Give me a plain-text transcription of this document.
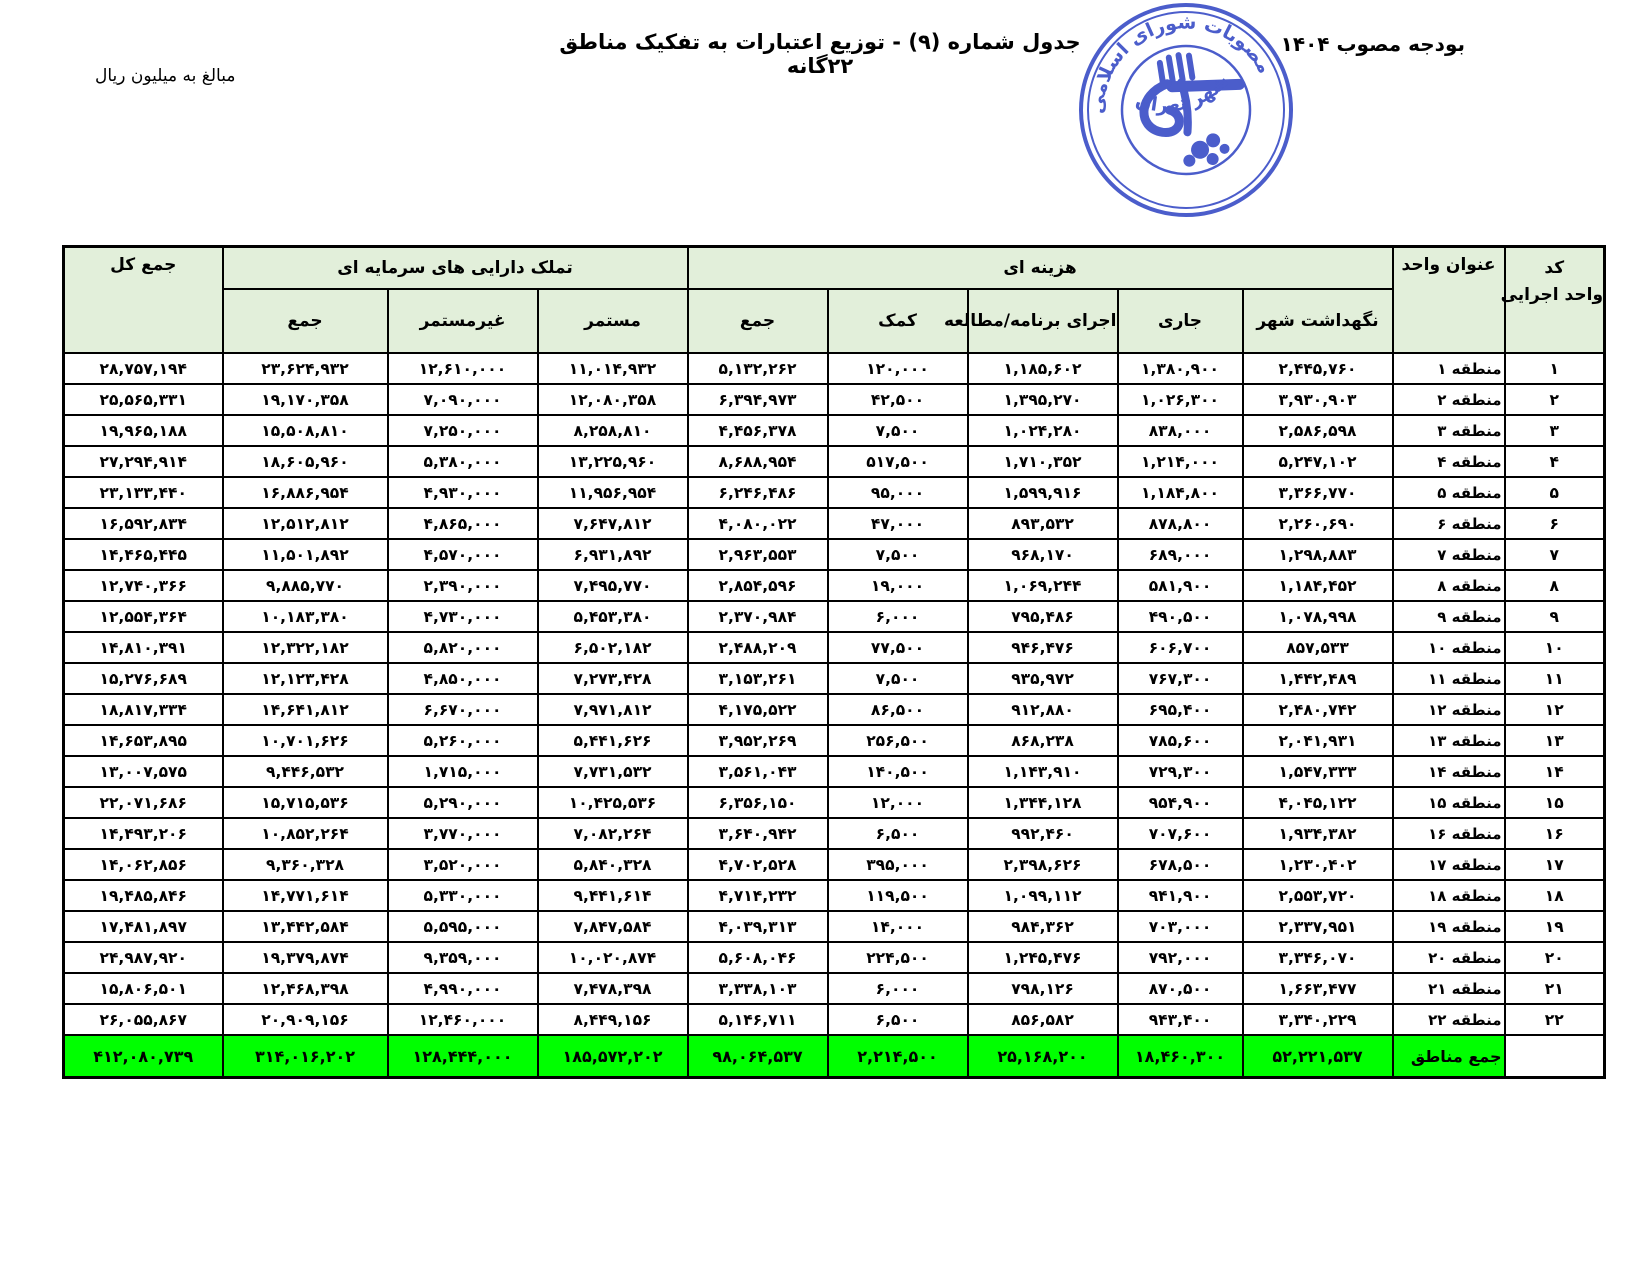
بودجه مصوب ۱۴۰۴
جدول شماره (۹) - توزیع اعتبارات به تفکیک مناطق ۲۲گانه
مبالغ به میلیون ریال
مصوبات شورای اسلامی
شهر تهران
کد
واحد اجرایی	عنوان واحد	هزینه ای					تملک دارایی های سرمایه ای			جمع کل
		نگهداشت شهر	جاری	اجرای برنامه/مطالعه	کمک	جمع	مستمر	غیرمستمر	جمع	
۱	منطقه ۱	۲,۴۴۵,۷۶۰	۱,۳۸۰,۹۰۰	۱,۱۸۵,۶۰۲	۱۲۰,۰۰۰	۵,۱۳۲,۲۶۲	۱۱,۰۱۴,۹۳۲	۱۲,۶۱۰,۰۰۰	۲۳,۶۲۴,۹۳۲	۲۸,۷۵۷,۱۹۴
۲	منطقه ۲	۳,۹۳۰,۹۰۳	۱,۰۲۶,۳۰۰	۱,۳۹۵,۲۷۰	۴۲,۵۰۰	۶,۳۹۴,۹۷۳	۱۲,۰۸۰,۳۵۸	۷,۰۹۰,۰۰۰	۱۹,۱۷۰,۳۵۸	۲۵,۵۶۵,۳۳۱
۳	منطقه ۳	۲,۵۸۶,۵۹۸	۸۳۸,۰۰۰	۱,۰۲۴,۲۸۰	۷,۵۰۰	۴,۴۵۶,۳۷۸	۸,۲۵۸,۸۱۰	۷,۲۵۰,۰۰۰	۱۵,۵۰۸,۸۱۰	۱۹,۹۶۵,۱۸۸
۴	منطقه ۴	۵,۲۴۷,۱۰۲	۱,۲۱۴,۰۰۰	۱,۷۱۰,۳۵۲	۵۱۷,۵۰۰	۸,۶۸۸,۹۵۴	۱۳,۲۲۵,۹۶۰	۵,۳۸۰,۰۰۰	۱۸,۶۰۵,۹۶۰	۲۷,۲۹۴,۹۱۴
۵	منطقه ۵	۳,۳۶۶,۷۷۰	۱,۱۸۴,۸۰۰	۱,۵۹۹,۹۱۶	۹۵,۰۰۰	۶,۲۴۶,۴۸۶	۱۱,۹۵۶,۹۵۴	۴,۹۳۰,۰۰۰	۱۶,۸۸۶,۹۵۴	۲۳,۱۳۳,۴۴۰
۶	منطقه ۶	۲,۲۶۰,۶۹۰	۸۷۸,۸۰۰	۸۹۳,۵۳۲	۴۷,۰۰۰	۴,۰۸۰,۰۲۲	۷,۶۴۷,۸۱۲	۴,۸۶۵,۰۰۰	۱۲,۵۱۲,۸۱۲	۱۶,۵۹۲,۸۳۴
۷	منطقه ۷	۱,۲۹۸,۸۸۳	۶۸۹,۰۰۰	۹۶۸,۱۷۰	۷,۵۰۰	۲,۹۶۳,۵۵۳	۶,۹۳۱,۸۹۲	۴,۵۷۰,۰۰۰	۱۱,۵۰۱,۸۹۲	۱۴,۴۶۵,۴۴۵
۸	منطقه ۸	۱,۱۸۴,۴۵۲	۵۸۱,۹۰۰	۱,۰۶۹,۲۴۴	۱۹,۰۰۰	۲,۸۵۴,۵۹۶	۷,۴۹۵,۷۷۰	۲,۳۹۰,۰۰۰	۹,۸۸۵,۷۷۰	۱۲,۷۴۰,۳۶۶
۹	منطقه ۹	۱,۰۷۸,۹۹۸	۴۹۰,۵۰۰	۷۹۵,۴۸۶	۶,۰۰۰	۲,۳۷۰,۹۸۴	۵,۴۵۳,۳۸۰	۴,۷۳۰,۰۰۰	۱۰,۱۸۳,۳۸۰	۱۲,۵۵۴,۳۶۴
۱۰	منطقه ۱۰	۸۵۷,۵۳۳	۶۰۶,۷۰۰	۹۴۶,۴۷۶	۷۷,۵۰۰	۲,۴۸۸,۲۰۹	۶,۵۰۲,۱۸۲	۵,۸۲۰,۰۰۰	۱۲,۳۲۲,۱۸۲	۱۴,۸۱۰,۳۹۱
۱۱	منطقه ۱۱	۱,۴۴۲,۴۸۹	۷۶۷,۳۰۰	۹۳۵,۹۷۲	۷,۵۰۰	۳,۱۵۳,۲۶۱	۷,۲۷۳,۴۲۸	۴,۸۵۰,۰۰۰	۱۲,۱۲۳,۴۲۸	۱۵,۲۷۶,۶۸۹
۱۲	منطقه ۱۲	۲,۴۸۰,۷۴۲	۶۹۵,۴۰۰	۹۱۲,۸۸۰	۸۶,۵۰۰	۴,۱۷۵,۵۲۲	۷,۹۷۱,۸۱۲	۶,۶۷۰,۰۰۰	۱۴,۶۴۱,۸۱۲	۱۸,۸۱۷,۳۳۴
۱۳	منطقه ۱۳	۲,۰۴۱,۹۳۱	۷۸۵,۶۰۰	۸۶۸,۲۳۸	۲۵۶,۵۰۰	۳,۹۵۲,۲۶۹	۵,۴۴۱,۶۲۶	۵,۲۶۰,۰۰۰	۱۰,۷۰۱,۶۲۶	۱۴,۶۵۳,۸۹۵
۱۴	منطقه ۱۴	۱,۵۴۷,۳۳۳	۷۲۹,۳۰۰	۱,۱۴۳,۹۱۰	۱۴۰,۵۰۰	۳,۵۶۱,۰۴۳	۷,۷۳۱,۵۳۲	۱,۷۱۵,۰۰۰	۹,۴۴۶,۵۳۲	۱۳,۰۰۷,۵۷۵
۱۵	منطقه ۱۵	۴,۰۴۵,۱۲۲	۹۵۴,۹۰۰	۱,۳۴۴,۱۲۸	۱۲,۰۰۰	۶,۳۵۶,۱۵۰	۱۰,۴۲۵,۵۳۶	۵,۲۹۰,۰۰۰	۱۵,۷۱۵,۵۳۶	۲۲,۰۷۱,۶۸۶
۱۶	منطقه ۱۶	۱,۹۳۴,۳۸۲	۷۰۷,۶۰۰	۹۹۲,۴۶۰	۶,۵۰۰	۳,۶۴۰,۹۴۲	۷,۰۸۲,۲۶۴	۳,۷۷۰,۰۰۰	۱۰,۸۵۲,۲۶۴	۱۴,۴۹۳,۲۰۶
۱۷	منطقه ۱۷	۱,۲۳۰,۴۰۲	۶۷۸,۵۰۰	۲,۳۹۸,۶۲۶	۳۹۵,۰۰۰	۴,۷۰۲,۵۲۸	۵,۸۴۰,۳۲۸	۳,۵۲۰,۰۰۰	۹,۳۶۰,۳۲۸	۱۴,۰۶۲,۸۵۶
۱۸	منطقه ۱۸	۲,۵۵۳,۷۲۰	۹۴۱,۹۰۰	۱,۰۹۹,۱۱۲	۱۱۹,۵۰۰	۴,۷۱۴,۲۳۲	۹,۴۴۱,۶۱۴	۵,۳۳۰,۰۰۰	۱۴,۷۷۱,۶۱۴	۱۹,۴۸۵,۸۴۶
۱۹	منطقه ۱۹	۲,۳۳۷,۹۵۱	۷۰۳,۰۰۰	۹۸۴,۳۶۲	۱۴,۰۰۰	۴,۰۳۹,۳۱۳	۷,۸۴۷,۵۸۴	۵,۵۹۵,۰۰۰	۱۳,۴۴۲,۵۸۴	۱۷,۴۸۱,۸۹۷
۲۰	منطقه ۲۰	۳,۳۴۶,۰۷۰	۷۹۲,۰۰۰	۱,۲۴۵,۴۷۶	۲۲۴,۵۰۰	۵,۶۰۸,۰۴۶	۱۰,۰۲۰,۸۷۴	۹,۳۵۹,۰۰۰	۱۹,۳۷۹,۸۷۴	۲۴,۹۸۷,۹۲۰
۲۱	منطقه ۲۱	۱,۶۶۳,۴۷۷	۸۷۰,۵۰۰	۷۹۸,۱۲۶	۶,۰۰۰	۳,۳۳۸,۱۰۳	۷,۴۷۸,۳۹۸	۴,۹۹۰,۰۰۰	۱۲,۴۶۸,۳۹۸	۱۵,۸۰۶,۵۰۱
۲۲	منطقه ۲۲	۳,۳۴۰,۲۲۹	۹۴۳,۴۰۰	۸۵۶,۵۸۲	۶,۵۰۰	۵,۱۴۶,۷۱۱	۸,۴۴۹,۱۵۶	۱۲,۴۶۰,۰۰۰	۲۰,۹۰۹,۱۵۶	۲۶,۰۵۵,۸۶۷
	جمع مناطق	۵۲,۲۲۱,۵۳۷	۱۸,۴۶۰,۳۰۰	۲۵,۱۶۸,۲۰۰	۲,۲۱۴,۵۰۰	۹۸,۰۶۴,۵۳۷	۱۸۵,۵۷۲,۲۰۲	۱۲۸,۴۴۴,۰۰۰	۳۱۴,۰۱۶,۲۰۲	۴۱۲,۰۸۰,۷۳۹
